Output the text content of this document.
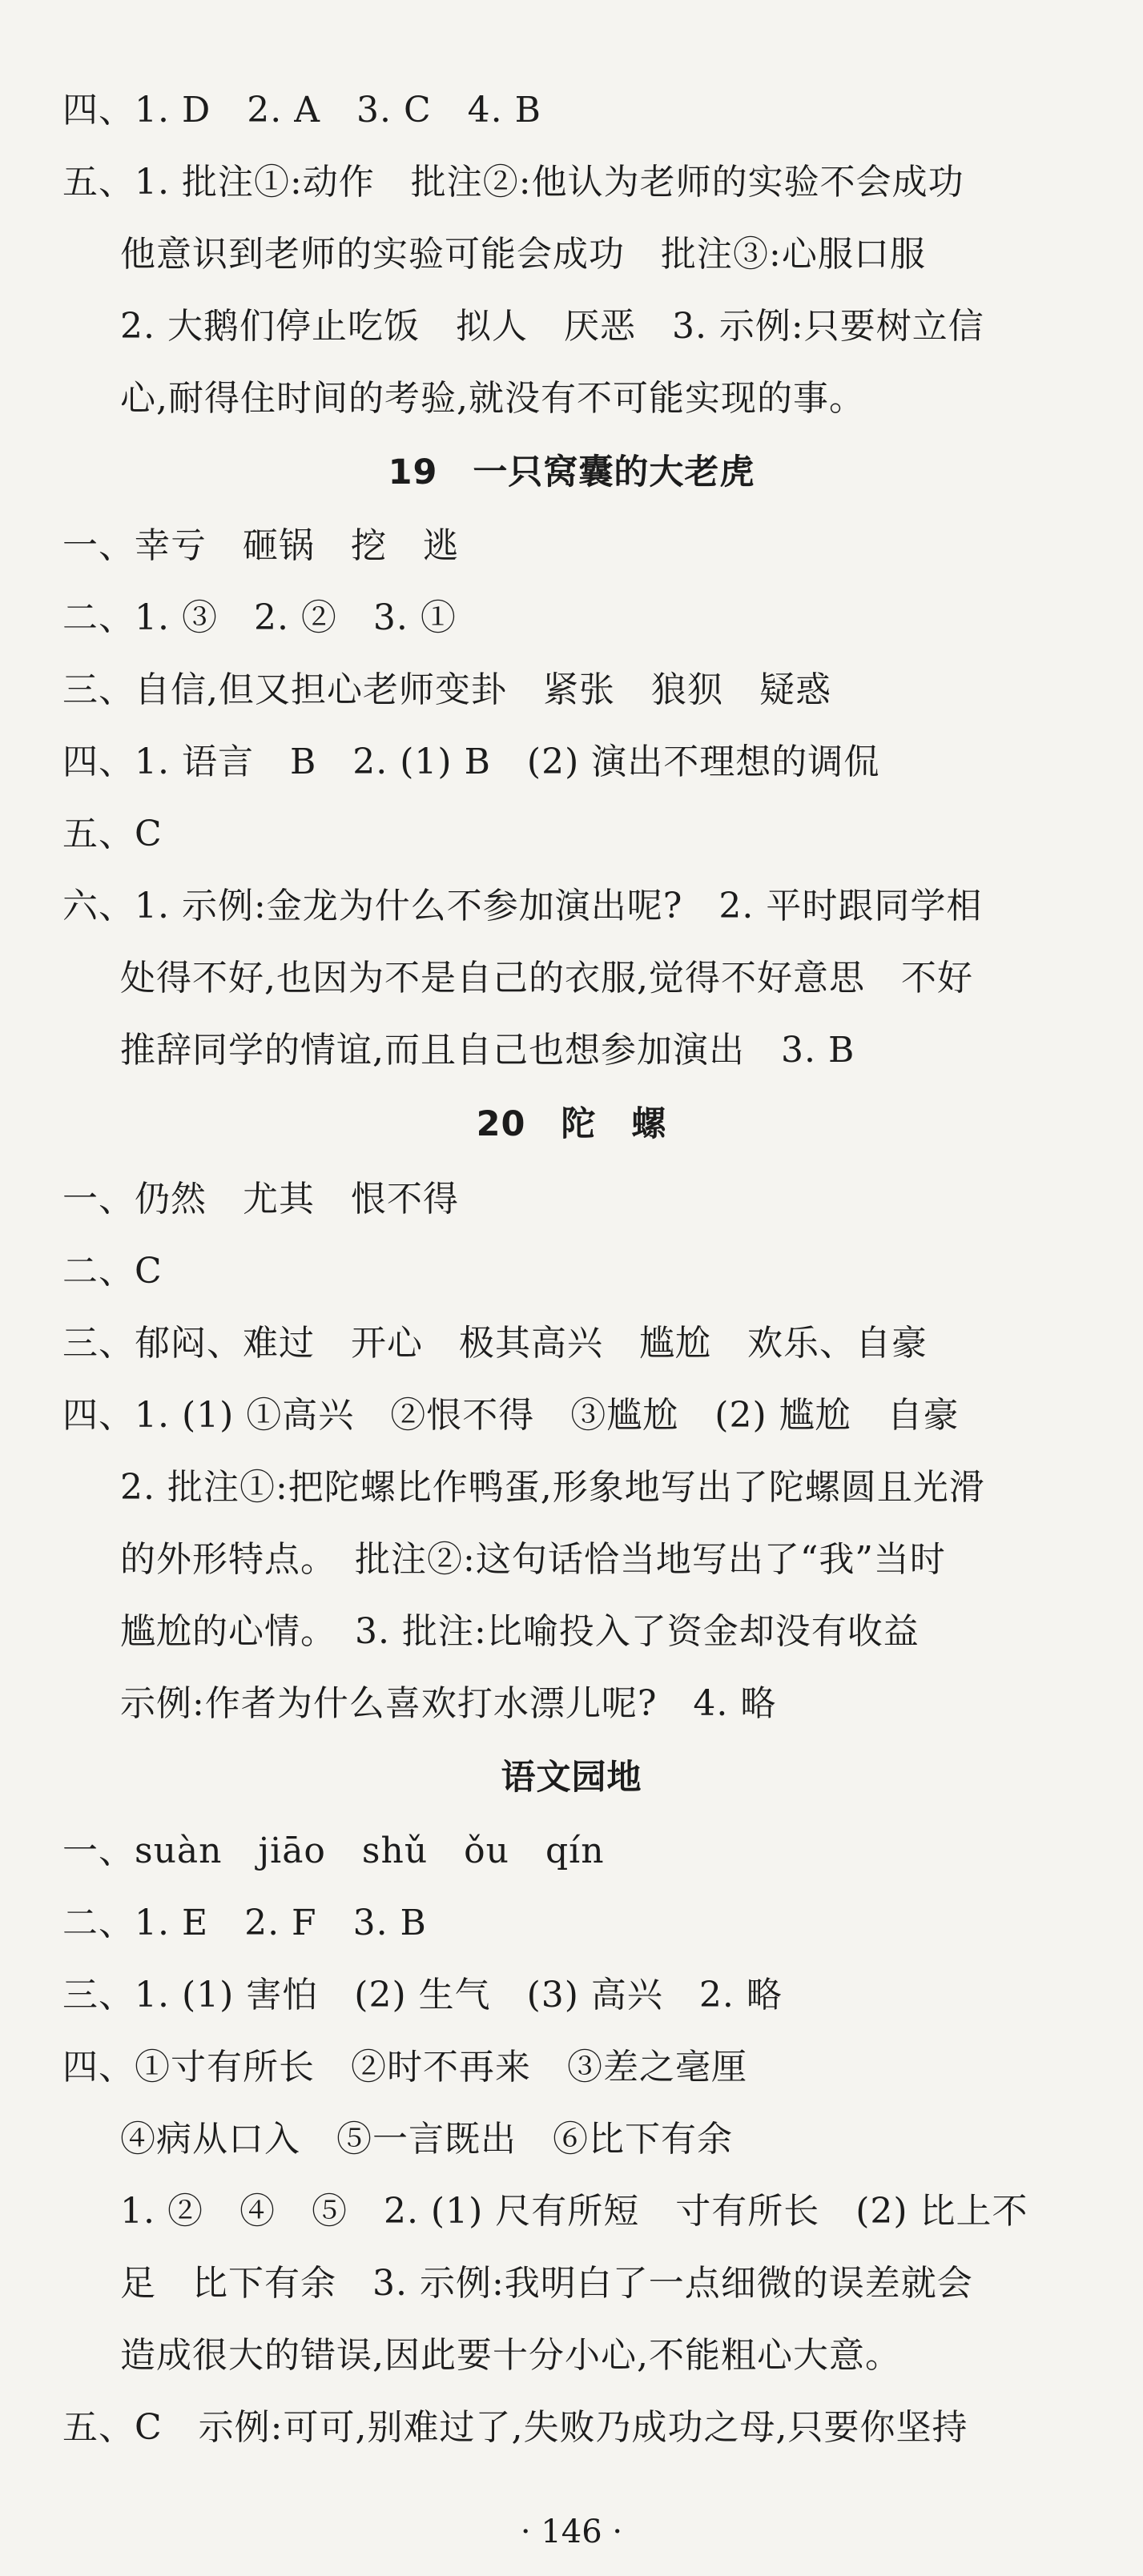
四、1. D　2. A　3. C　4. B
五、1. 批注①:动作　批注②:他认为老师的实验不会成功
他意识到老师的实验可能会成功　批注③:心服口服
2. 大鹅们停止吃饭　拟人　厌恶　3. 示例:只要树立信
心,耐得住时间的考验,就没有不可能实现的事。
19　一只窝囊的大老虎
一、幸亏　砸锅　挖　逃
二、1. ③　2. ②　3. ①
三、自信,但又担心老师变卦　紧张　狼狈　疑惑
四、1. 语言　B　2. (1) B　(2) 演出不理想的调侃
五、C
六、1. 示例:金龙为什么不参加演出呢?　2. 平时跟同学相
处得不好,也因为不是自己的衣服,觉得不好意思　不好
推辞同学的情谊,而且自己也想参加演出　3. B
20　陀　螺
一、仍然　尤其　恨不得
二、C
三、郁闷、难过　开心　极其高兴　尴尬　欢乐、自豪
四、1. (1) ①高兴　②恨不得　③尴尬　(2) 尴尬　自豪
2. 批注①:把陀螺比作鸭蛋,形象地写出了陀螺圆且光滑
的外形特点。　批注②:这句话恰当地写出了“我”当时
尴尬的心情。　3. 批注:比喻投入了资金却没有收益
示例:作者为什么喜欢打水漂儿呢?　4. 略
语文园地
一、suàn　jiāo　shǔ　ǒu　qín
二、1. E　2. F　3. B
三、1. (1) 害怕　(2) 生气　(3) 高兴　2. 略
四、①寸有所长　②时不再来　③差之毫厘
④病从口入　⑤一言既出　⑥比下有余
1. ②　④　⑤　2. (1) 尺有所短　寸有所长　(2) 比上不
足　比下有余　3. 示例:我明白了一点细微的误差就会
造成很大的错误,因此要十分小心,不能粗心大意。
五、C　示例:可可,别难过了,失败乃成功之母,只要你坚持
· 146 ·
